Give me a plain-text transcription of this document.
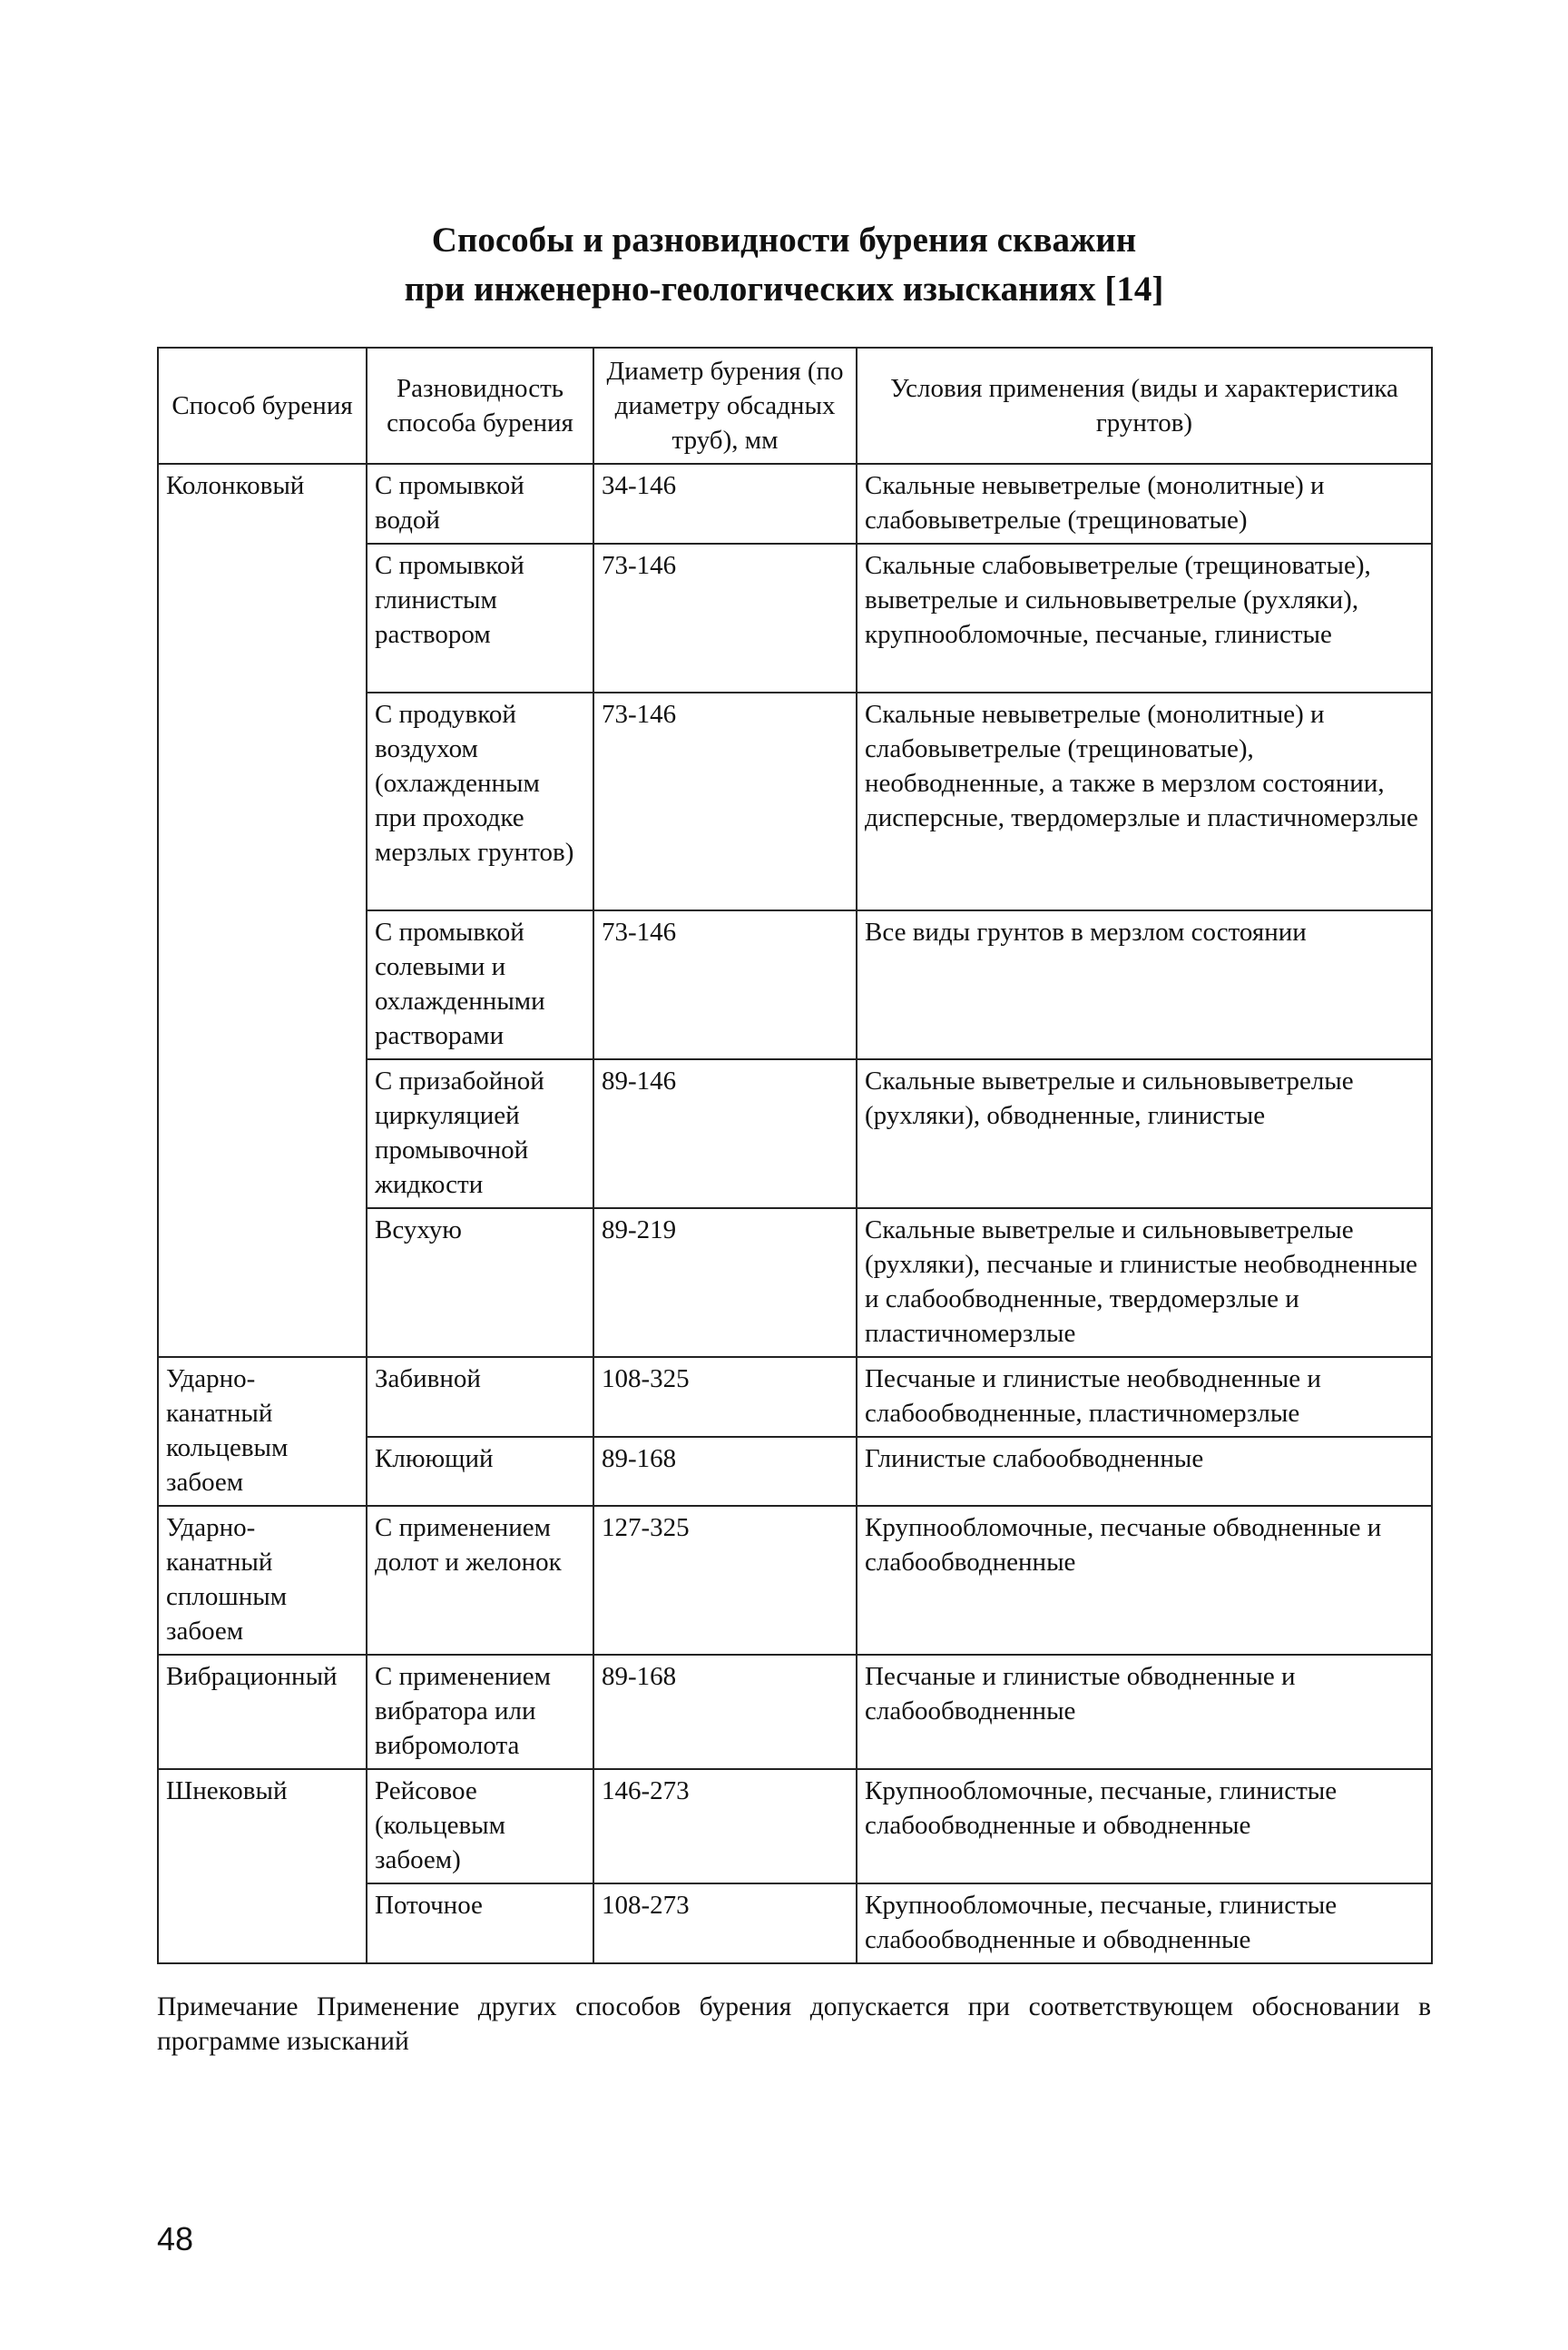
Способы и разновидности бурения скважин
при инженерно-геологических изысканиях [14]
Способ бурения	Разновидность способа бурения	Диаметр бурения (по диаметру обсадных труб), мм	Условия применения (виды и характеристика грунтов)
Колонковый	С промывкой водой	34-146	Скальные невыветрелые (монолитные) и слабовыветрелые (трещиноватые)
	С промывкой глинистым раствором	73-146	Скальные слабовыветрелые (трещиноватые), выветрелые и сильновыветрелые (рухляки), крупнообломочные, песчаные, глинистые
	С продувкой воздухом (охлажденным при проходке мерзлых грунтов)	73-146	Скальные невыветрелые (монолитные) и слабовыветрелые (трещиноватые), необводненные, а также в мерзлом состоянии, дисперсные, твердомерзлые и пластичномерзлые
	С промывкой солевыми и охлажденными растворами	73-146	Все виды грунтов в мерзлом состоянии
	С призабойной циркуляцией промывочной жидкости	89-146	Скальные выветрелые и сильновыветрелые (рухляки), обводненные, глинистые
	Всухую	89-219	Скальные выветрелые и сильновыветрелые (рухляки), песчаные и глинистые необводненные и слабообводненные, твердомерзлые и пластичномерзлые
Ударно-канатный кольцевым забоем	Забивной	108-325	Песчаные и глинистые необводненные и слабообводненные, пластичномерзлые
	Клюющий	89-168	Глинистые слабообводненные
Ударно-канатный сплошным забоем	С применением долот и желонок	127-325	Крупнообломочные, песчаные обводненные и слабообводненные
Вибрационный	С применением вибратора или вибромолота	89-168	Песчаные и глинистые обводненные и слабообводненные
Шнековый	Рейсовое (кольцевым забоем)	146-273	Крупнообломочные, песчаные, глинистые слабообводненные и обводненные
	Поточное	108-273	Крупнообломочные, песчаные, глинистые слабообводненные и обводненные
Примечание Применение других способов бурения допускается при соответствующем обосновании в программе изысканий
48
